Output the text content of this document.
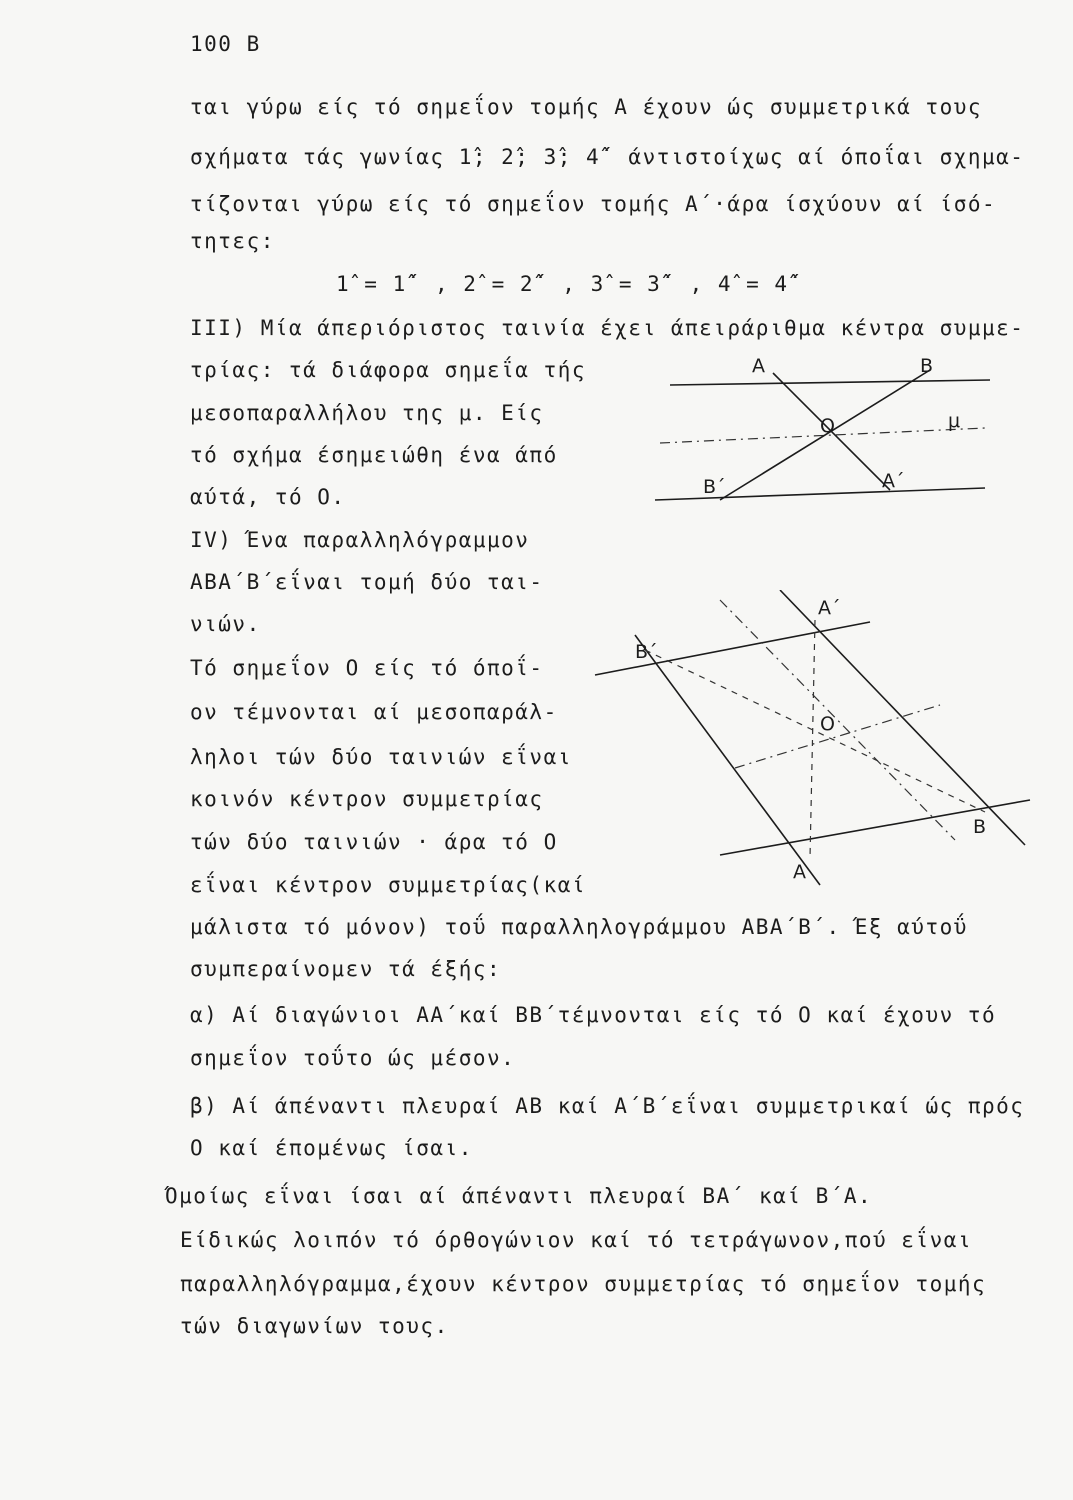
100 B
ται γύρω είς τό σημεΐον τομής Α έχουν ώς συμμετρικά τους
σχήματα τάς γωνίας 1̂; 2̂; 3̂; 4̂´ άντιστοίχως αί όποΐαι σχημα-
τίζονται γύρω είς τό σημεΐον τομής Α΄·άρα ίσχύουν αί ίσό-
τητες:
1̂ = 1̂´ , 2̂ = 2̂´ , 3̂ = 3̂´ , 4̂ = 4̂´
III) Μία άπεριόριστος ταινία έχει άπειράριθμα κέντρα συμμε-
τρίας: τά διάφορα σημεΐα τής
μεσοπαραλλήλου της μ. Είς
τό σχήμα έσημειώθη ένα άπό
αύτά, τό Ο.
IV) Ένα παραλληλόγραμμον
ΑΒΑ´Β´εΐναι τομή δύο ται-
νιών.
Τό σημεΐον Ο είς τό όποΐ-
ον τέμνονται αί μεσοπαράλ-
ληλοι τών δύο ταινιών εΐναι
κοινόν κέντρον συμμετρίας
τών δύο ταινιών · άρα τό Ο
εΐναι κέντρον συμμετρίας(καί
μάλιστα τό μόνον) τοΰ παραλληλογράμμου ΑΒΑ´Β´. Έξ αύτοΰ
συμπεραίνομεν τά έξής:
α) Αί διαγώνιοι ΑΑ´καί ΒΒ´τέμνονται είς τό Ο καί έχουν τό
σημεΐον τοΰτο ώς μέσον.
β) Αί άπέναντι πλευραί ΑΒ καί Α´Β´εΐναι συμμετρικαί ώς πρός
Ο καί έπομένως ίσαι.
Όμοίως εΐναι ίσαι αί άπέναντι πλευραί ΒΑ´ καί Β´Α.
Είδικώς λοιπόν τό όρθογώνιον καί τό τετράγωνον,πού εΐναι
παραλληλόγραμμα,έχουν κέντρον συμμετρίας τό σημεΐον τομής
τών διαγωνίων τους.
Α	Β
Ο	μ
Β´	Α´
Α´
Β´
Ο
Β
Α
